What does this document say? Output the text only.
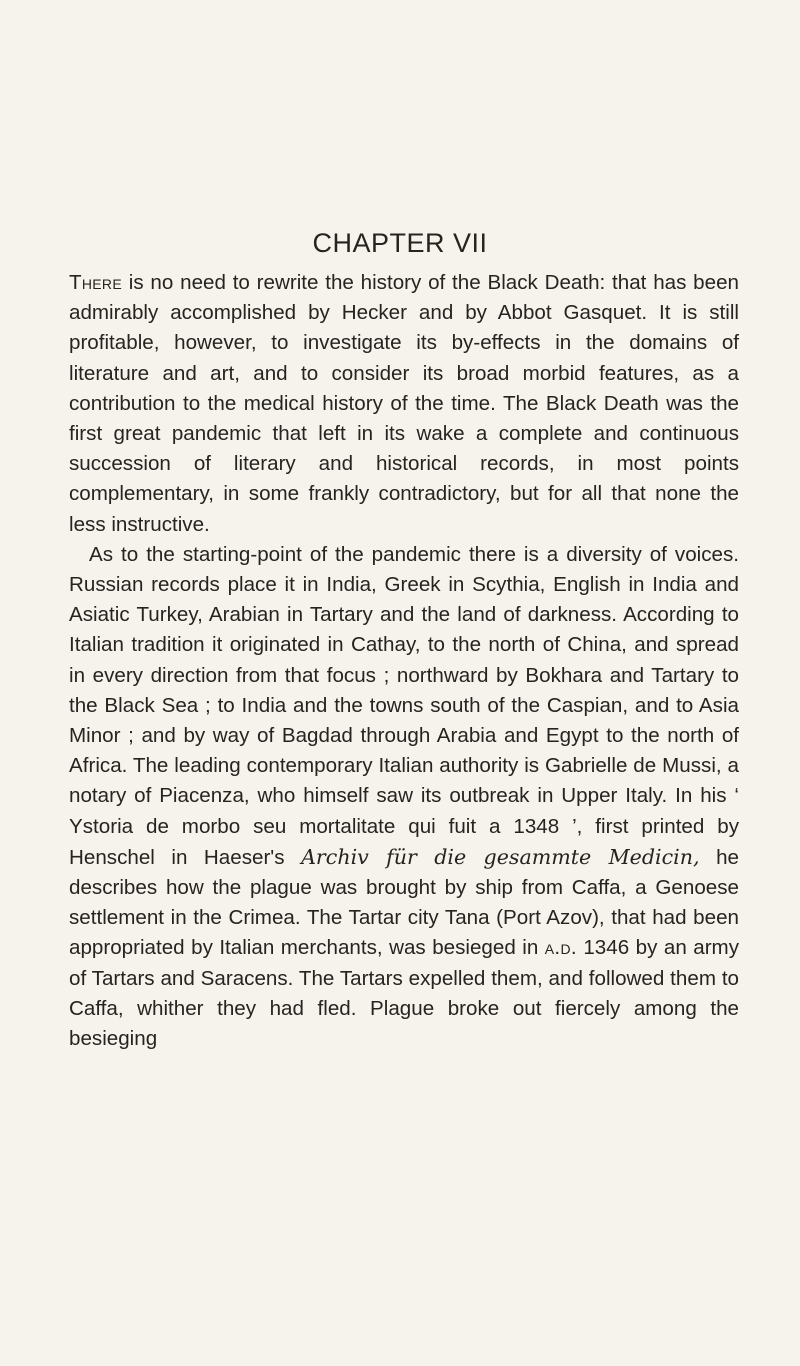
CHAPTER VII

There is no need to rewrite the history of the Black Death: that has been admirably accomplished by Hecker and by Abbot Gasquet. It is still profitable, however, to investigate its by-effects in the domains of literature and art, and to consider its broad morbid features, as a contribution to the medical history of the time. The Black Death was the first great pandemic that left in its wake a complete and continuous succession of literary and historical records, in most points complementary, in some frankly contradictory, but for all that none the less instructive.

As to the starting-point of the pandemic there is a diversity of voices. Russian records place it in India, Greek in Scythia, English in India and Asiatic Turkey, Arabian in Tartary and the land of darkness. According to Italian tradition it originated in Cathay, to the north of China, and spread in every direction from that focus ; northward by Bokhara and Tartary to the Black Sea ; to India and the towns south of the Caspian, and to Asia Minor ; and by way of Bagdad through Arabia and Egypt to the north of Africa. The leading contemporary Italian authority is Gabrielle de Mussi, a notary of Piacenza, who himself saw its outbreak in Upper Italy. In his ‘ Ystoria de morbo seu mortalitate qui fuit a 1348 ’, first printed by Henschel in Haeser's Archiv für die gesammte Medicin, he describes how the plague was brought by ship from Caffa, a Genoese settlement in the Crimea. The Tartar city Tana (Port Azov), that had been appropriated by Italian merchants, was besieged in a.d. 1346 by an army of Tartars and Saracens. The Tartars expelled them, and followed them to Caffa, whither they had fled. Plague broke out fiercely among the besieging
